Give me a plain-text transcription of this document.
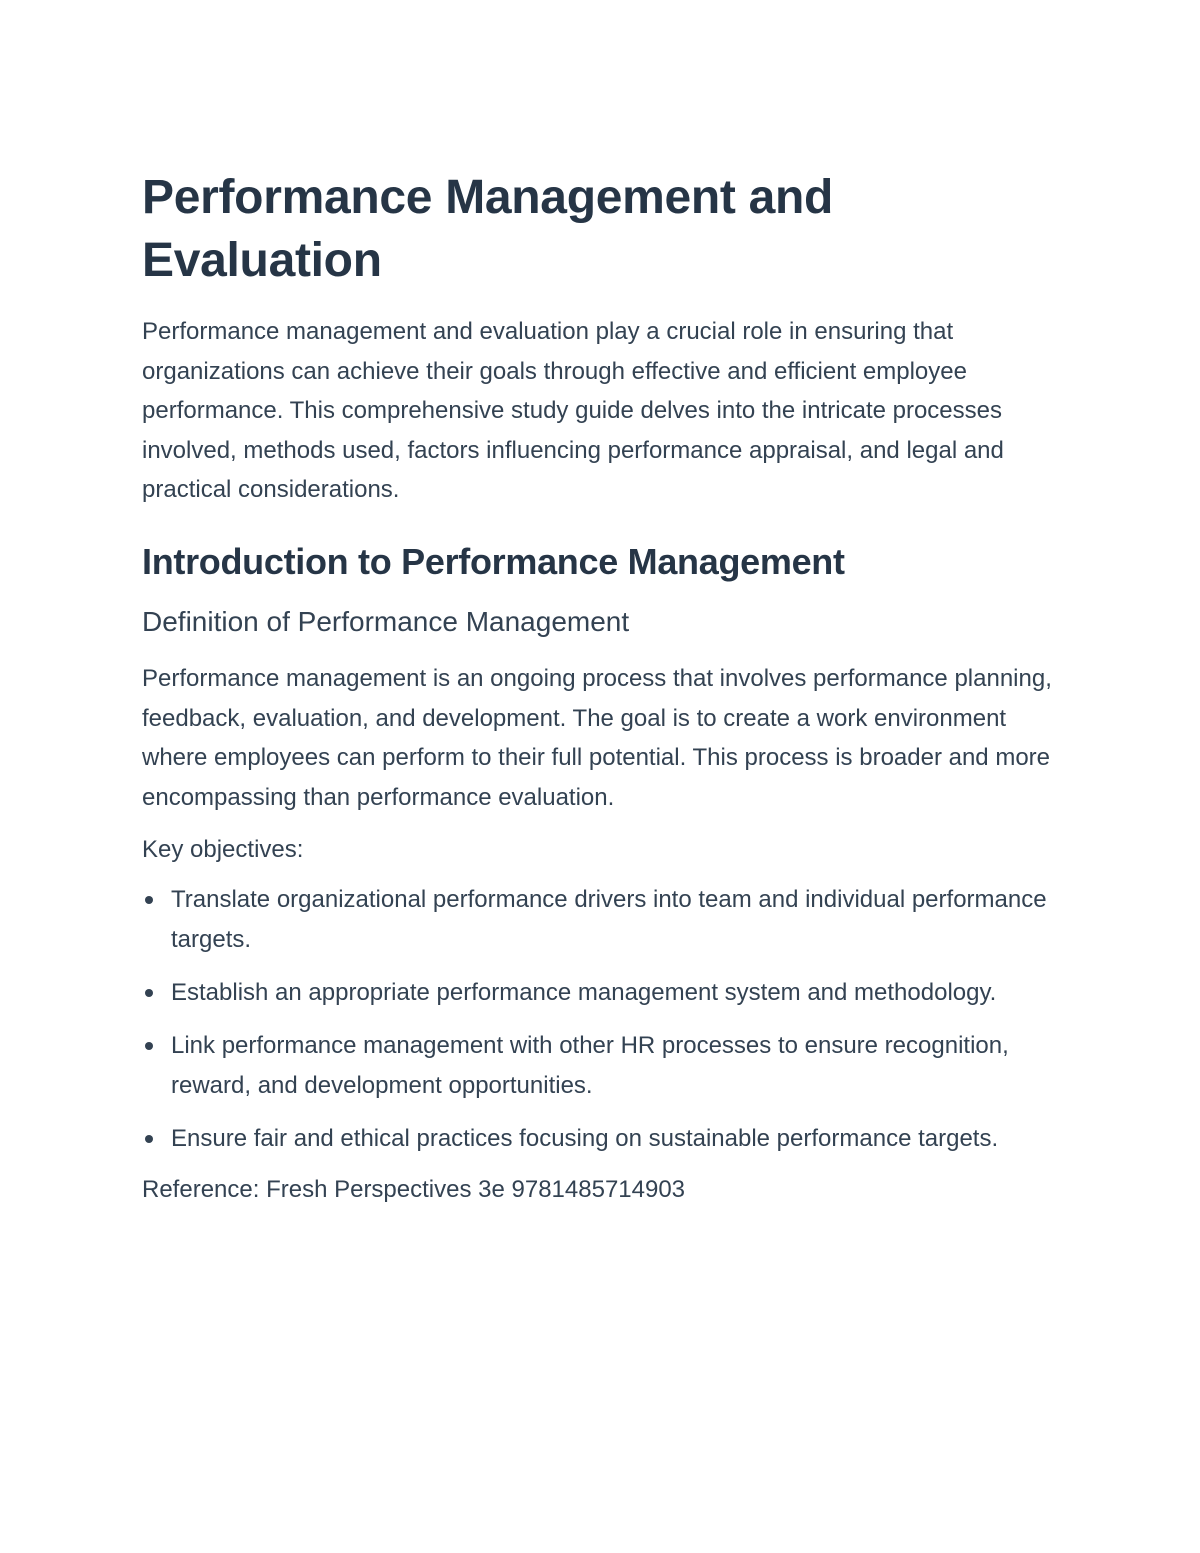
Performance Management and Evaluation

Performance management and evaluation play a crucial role in ensuring that organizations can achieve their goals through effective and efficient employee performance. This comprehensive study guide delves into the intricate processes involved, methods used, factors influencing performance appraisal, and legal and practical considerations.

Introduction to Performance Management
Definition of Performance Management

Performance management is an ongoing process that involves performance planning, feedback, evaluation, and development. The goal is to create a work environment where employees can perform to their full potential. This process is broader and more encompassing than performance evaluation.

Key objectives:

Translate organizational performance drivers into team and individual performance targets.
Establish an appropriate performance management system and methodology.
Link performance management with other HR processes to ensure recognition, reward, and development opportunities.
Ensure fair and ethical practices focusing on sustainable performance targets.

Reference: Fresh Perspectives 3e 9781485714903
